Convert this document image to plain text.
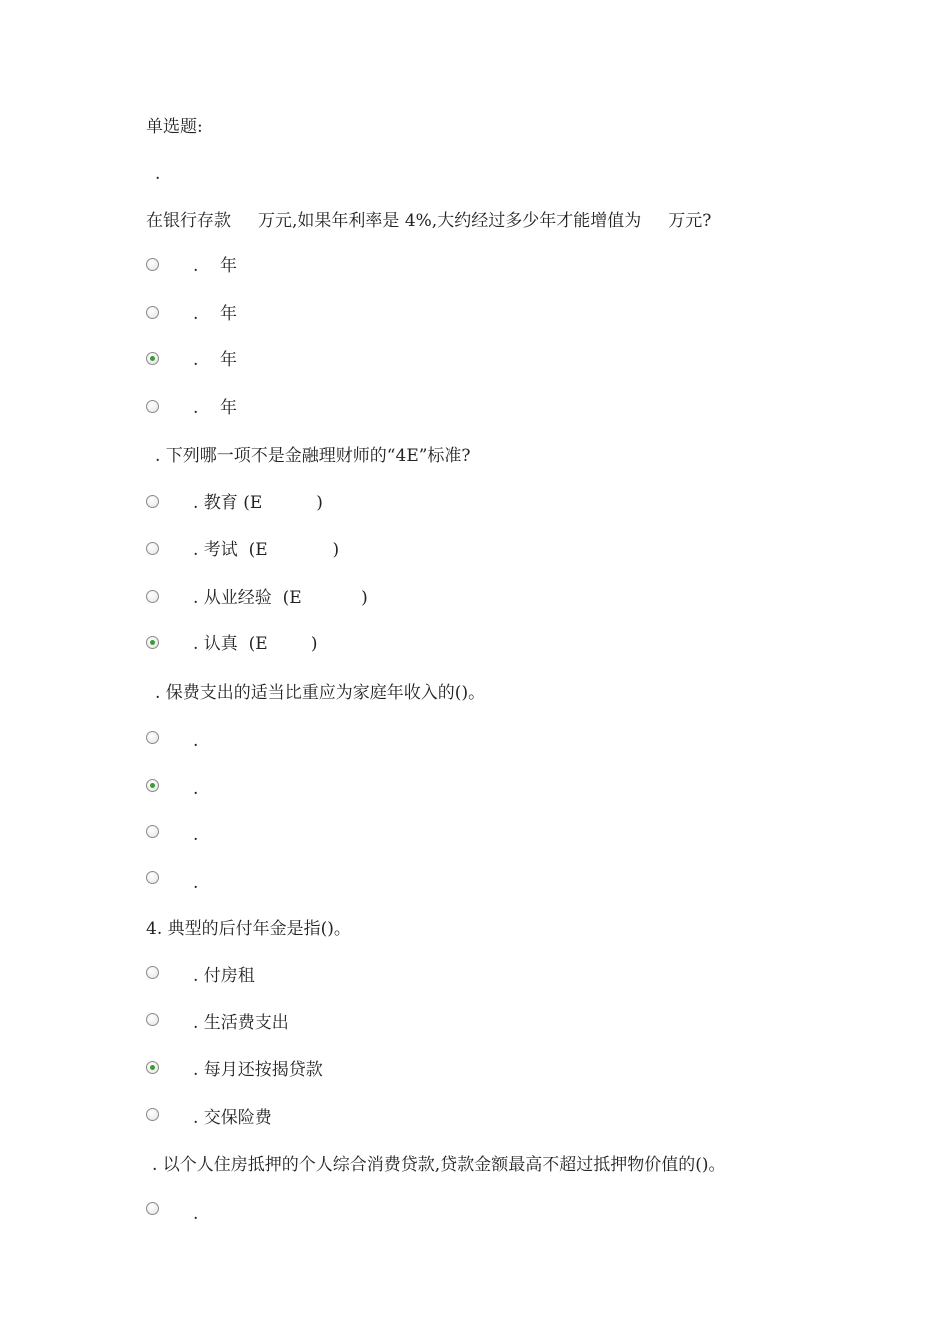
单选题:
.
在银行存款     万元,如果年利率是 4%,大约经过多少年才能增值为     万元?
.    年
.    年
.    年
.    年
. 下列哪一项不是金融理财师的“4E”标准?
. 教育 (E          )
. 考试  (E            )
. 从业经验  (E           )
. 认真  (E        )
. 保费支出的适当比重应为家庭年收入的()。
.
.
.
.
4. 典型的后付年金是指()。
. 付房租
. 生活费支出
. 每月还按揭贷款
. 交保险费
. 以个人住房抵押的个人综合消费贷款,贷款金额最高不超过抵押物价值的()。
.
